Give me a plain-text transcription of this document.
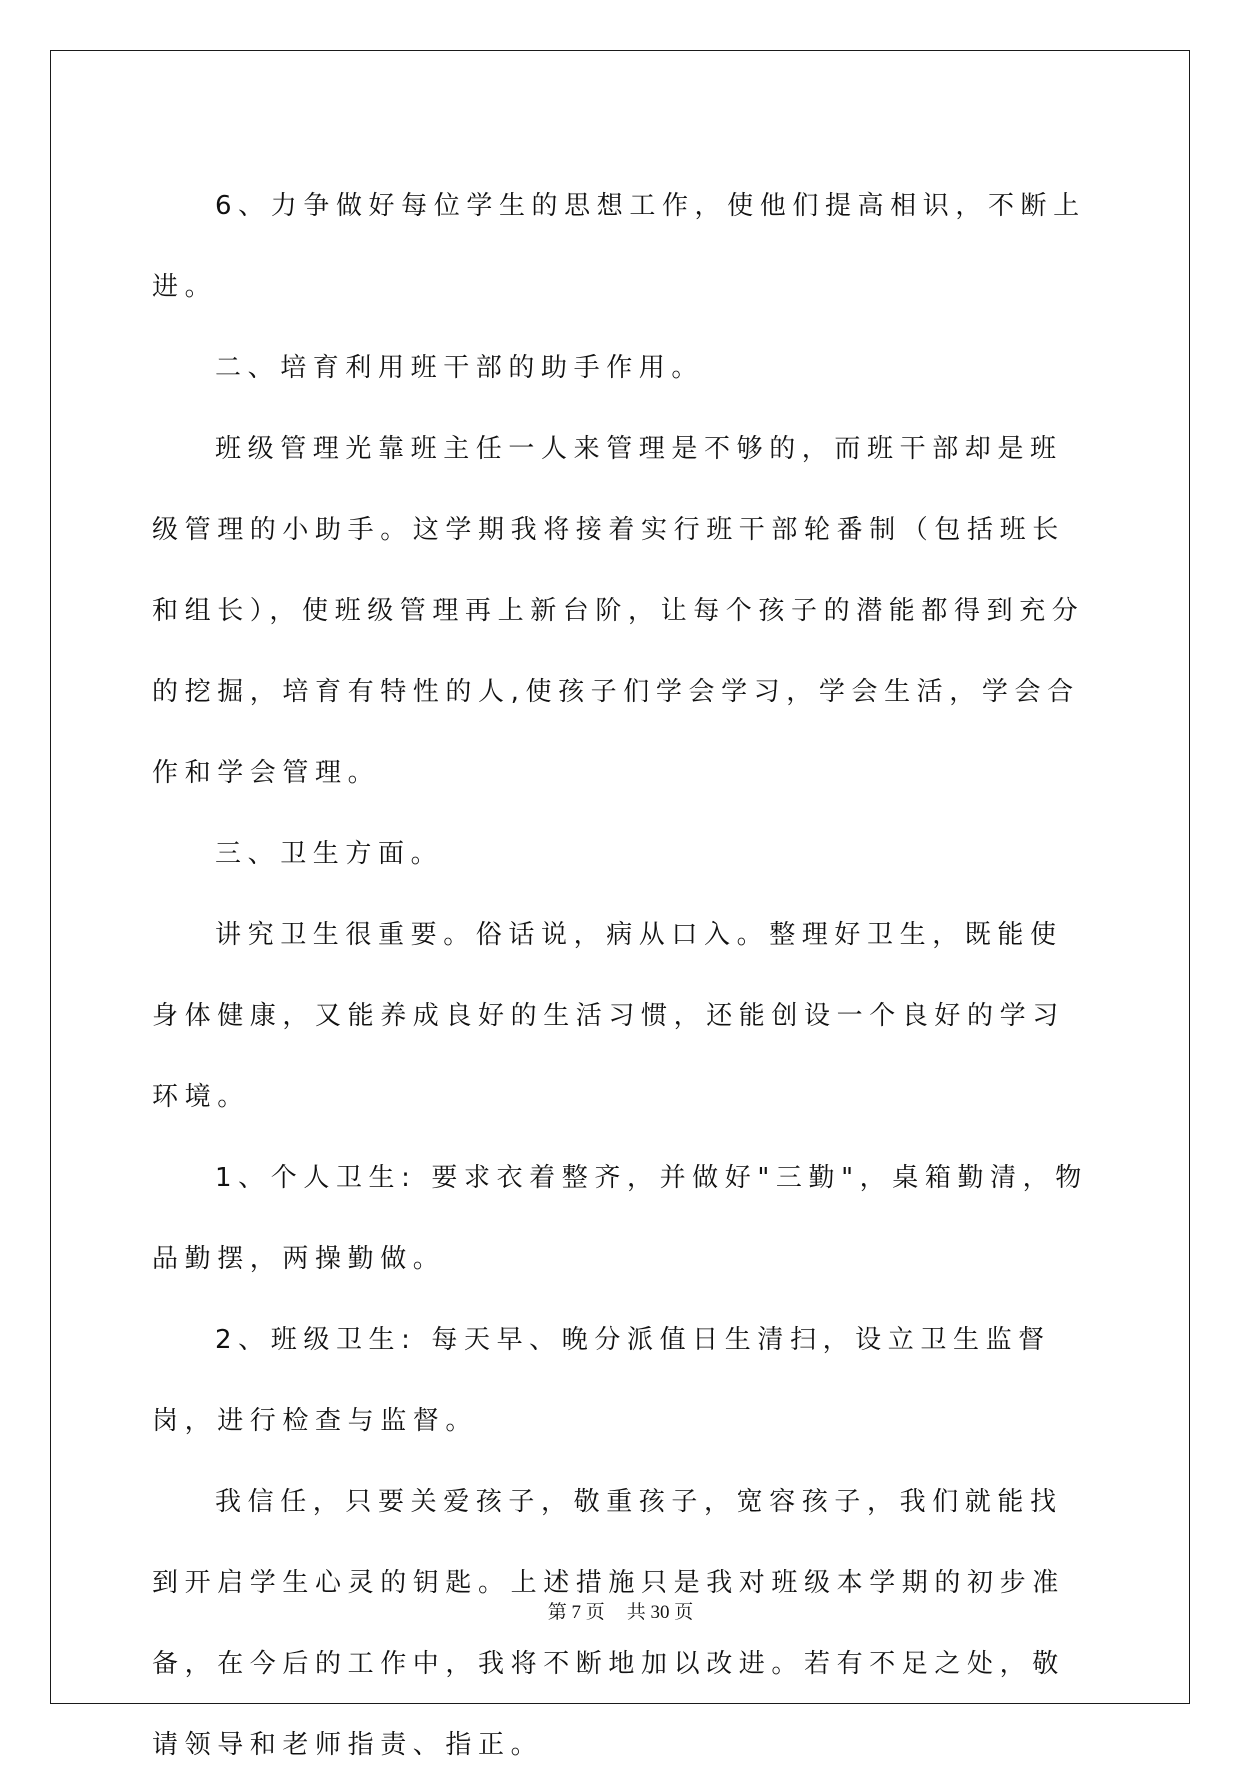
6、力争做好每位学生的思想工作，使他们提高相识，不断上进。

二、培育利用班干部的助手作用。

班级管理光靠班主任一人来管理是不够的，而班干部却是班级管理的小助手。这学期我将接着实行班干部轮番制（包括班长和组长），使班级管理再上新台阶，让每个孩子的潜能都得到充分的挖掘，培育有特性的人,使孩子们学会学习，学会生活，学会合作和学会管理。

三、卫生方面。

讲究卫生很重要。俗话说，病从口入。整理好卫生，既能使身体健康，又能养成良好的生活习惯，还能创设一个良好的学习环境。

1、个人卫生: 要求衣着整齐，并做好"三勤"，桌箱勤清，物品勤摆，两操勤做。

2、班级卫生: 每天早、晚分派值日生清扫，设立卫生监督岗，进行检查与监督。

我信任，只要关爱孩子，敬重孩子，宽容孩子，我们就能找到开启学生心灵的钥匙。上述措施只是我对班级本学期的初步准备，在今后的工作中，我将不断地加以改进。若有不足之处，敬请领导和老师指责、指正。

第 7 页 共 30 页
